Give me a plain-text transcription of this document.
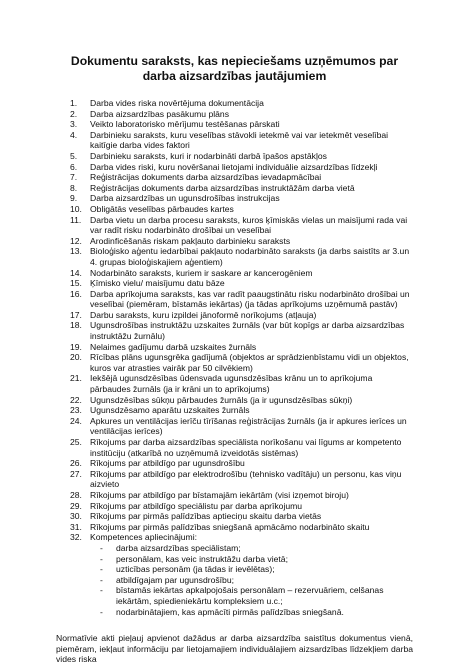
Dokumentu saraksts, kas nepieciešams uzņēmumos par darba aizsardzības jautājumiem
1. Darba vides riska novērtējuma dokumentācija
2. Darba aizsardzības pasākumu plāns
3. Veikto laboratorisko mērījumu testēšanas pārskati
4. Darbinieku saraksts, kuru veselības stāvokli ietekmē vai var ietekmēt veselībai kaitīgie darba vides faktori
5. Darbinieku saraksts, kuri ir nodarbināti darbā īpašos apstākļos
6. Darba vides riski, kuru novēršanai lietojami individuālie aizsardzības līdzekļi
7. Reģistrācijas dokuments darba aizsardzības ievadapmācībai
8. Reģistrācijas dokuments darba aizsardzības instruktāžām darba vietā
9. Darba aizsardzības un ugunsdrošības instrukcijas
10. Obligātās veselības pārbaudes kartes
11. Darba vietu un darba procesu saraksts, kuros ķīmiskās vielas un maisījumi rada vai var radīt risku nodarbināto drošībai un veselībai
12. Arodinficēšanās riskam pakļauto darbinieku saraksts
13. Bioloģisko aģentu iedarbībai pakļauto nodarbināto saraksts (ja darbs saistīts ar 3.un 4. grupas bioloģiskajiem aģentiem)
14. Nodarbināto saraksts, kuriem ir saskare ar kancerogēniem
15. Ķīmisko vielu/ maisījumu datu bāze
16. Darba aprīkojuma saraksts, kas var radīt paaugstinātu risku nodarbināto drošībai un veselībai (piemēram, bīstamās iekārtas) (ja tādas aprīkojums uzņēmumā pastāv)
17. Darbu saraksts, kuru izpildei jānoformē norīkojums (atļauja)
18. Ugunsdrošības instruktāžu uzskaites žurnāls (var būt kopīgs ar darba aizsardzības instruktāžu žurnālu)
19. Nelaimes gadījumu darbā uzskaites žurnāls
20. Rīcības plāns ugunsgrēka gadījumā (objektos ar sprādzienbīstamu vidi un objektos, kuros var atrasties vairāk par 50 cilvēkiem)
21. Iekšējā ugunsdzēsības ūdensvada ugunsdzēsības krānu un to aprīkojuma pārbaudes žurnāls (ja ir krāni un to aprīkojums)
22. Ugunsdzēsības sūkņu pārbaudes žurnāls (ja ir ugunsdzēsības sūkņi)
23. Ugunsdzēsamo aparātu uzskaites žurnāls
24. Apkures un ventilācijas ierīču tīrīšanas reģistrācijas žurnāls (ja ir apkures ierīces un ventilācijas ierīces)
25. Rīkojums par darba aizsardzības speciālista norīkošanu vai līgums ar kompetento institūciju (atkarībā no uzņēmumā izveidotās sistēmas)
26. Rīkojums par atbildīgo par ugunsdrošību
27. Rīkojums par atbildīgo par elektrodrošību (tehnisko vadītāju) un personu, kas viņu aizvieto
28. Rīkojums par atbildīgo par bīstamajām iekārtām (visi izņemot biroju)
29. Rīkojums par atbildīgo speciālistu par darba aprīkojumu
30. Rīkojums par pirmās palīdzības aptieciņu skaitu darba vietās
31. Rīkojums par pirmās palīdzības sniegšanā apmācāmo nodarbināto skaitu
32. Kompetences apliecinājumi:
- darba aizsardzības speciālistam;
- personālam, kas veic instruktāžu darba vietā;
- uzticības personām (ja tādas ir ievēlētas);
- atbildīgajam par ugunsdrošību;
- bīstamās iekārtas apkalpojošais personālam – rezervuāriem, celšanas iekārtām, spiedieniekārtu kompleksiem u.c.;
- nodarbinātajiem, kas apmācīti pirmās palīdzības sniegšanā.

Normatīvie akti pieļauj apvienot dažādus ar darba aizsardzība saistītus dokumentus vienā, piemēram, iekļaut informāciju par lietojamajiem individuālajiem aizsardzības līdzekļiem darba vides riska
